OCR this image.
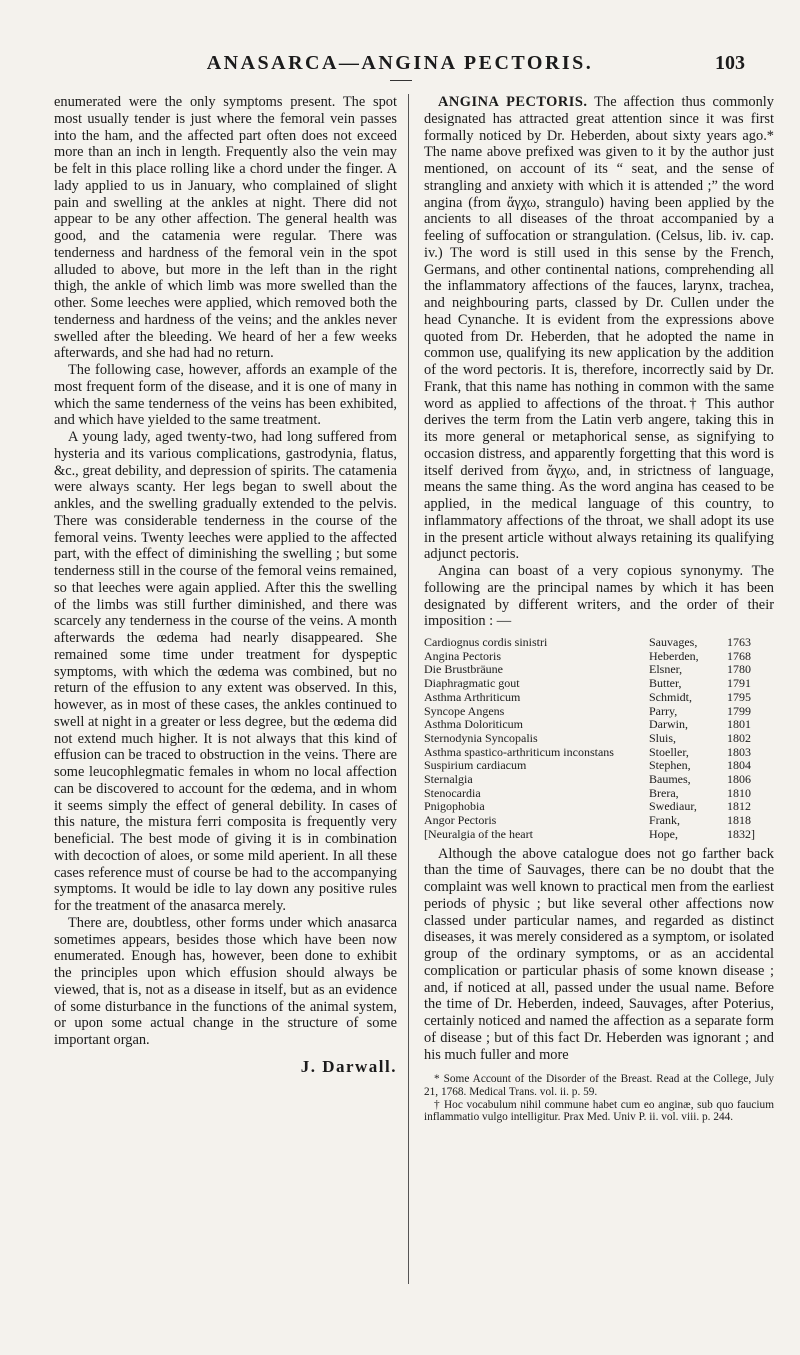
ANASARCA—ANGINA PECTORIS.	103

enumerated were the only symptoms present. The spot most usually tender is just where the femoral vein passes into the ham, and the affected part often does not exceed more than an inch in length. Frequently also the vein may be felt in this place rolling like a chord under the finger. A lady applied to us in January, who complained of slight pain and swelling at the ankles at night. There did not appear to be any other affection. The general health was good, and the catamenia were regular. There was tenderness and hardness of the femoral vein in the spot alluded to above, but more in the left than in the right thigh, the ankle of which limb was more swelled than the other. Some leeches were applied, which removed both the tenderness and hardness of the veins; and the ankles never swelled after the bleeding. We heard of her a few weeks afterwards, and she had had no return.

The following case, however, affords an example of the most frequent form of the disease, and it is one of many in which the same tenderness of the veins has been exhibited, and which have yielded to the same treatment.

A young lady, aged twenty-two, had long suffered from hysteria and its various complications, gastrodynia, flatus, &c., great debility, and depression of spirits. The catamenia were always scanty. Her legs began to swell about the ankles, and the swelling gradually extended to the pelvis. There was considerable tenderness in the course of the femoral veins. Twenty leeches were applied to the affected part, with the effect of diminishing the swelling ; but some tenderness still in the course of the femoral veins remained, so that leeches were again applied. After this the swelling of the limbs was still further diminished, and there was scarcely any tenderness in the course of the veins. A month afterwards the œdema had nearly disappeared. She remained some time under treatment for dyspeptic symptoms, with which the œdema was combined, but no return of the effusion to any extent was observed. In this, however, as in most of these cases, the ankles continued to swell at night in a greater or less degree, but the œdema did not extend much higher. It is not always that this kind of effusion can be traced to obstruction in the veins. There are some leucophlegmatic females in whom no local affection can be discovered to account for the œdema, and in whom it seems simply the effect of general debility. In cases of this nature, the mistura ferri composita is frequently very beneficial. The best mode of giving it is in combination with decoction of aloes, or some mild aperient. In all these cases reference must of course be had to the accompanying symptoms. It would be idle to lay down any positive rules for the treatment of the anasarca merely.

There are, doubtless, other forms under which anasarca sometimes appears, besides those which have been now enumerated. Enough has, however, been done to exhibit the principles upon which effusion should always be viewed, that is, not as a disease in itself, but as an evidence of some disturbance in the functions of the animal system, or upon some actual change in the structure of some important organ.

J. Darwall.

ANGINA PECTORIS. The affection thus commonly designated has attracted great attention since it was first formally noticed by Dr. Heberden, about sixty years ago.* The name above prefixed was given to it by the author just mentioned, on account of its “ seat, and the sense of strangling and anxiety with which it is attended ;” the word angina (from ἄγχω, strangulo) having been applied by the ancients to all diseases of the throat accompanied by a feeling of suffocation or strangulation. (Celsus, lib. iv. cap. iv.) The word is still used in this sense by the French, Germans, and other continental nations, comprehending all the inflammatory affections of the fauces, larynx, trachea, and neighbouring parts, classed by Dr. Cullen under the head Cynanche. It is evident from the expressions above quoted from Dr. Heberden, that he adopted the name in common use, qualifying its new application by the addition of the word pectoris. It is, therefore, incorrectly said by Dr. Frank, that this name has nothing in common with the same word as applied to affections of the throat.† This author derives the term from the Latin verb angere, taking this in its more general or metaphorical sense, as signifying to occasion distress, and apparently forgetting that this word is itself derived from ἄγχω, and, in strictness of language, means the same thing. As the word angina has ceased to be applied, in the medical language of this country, to inflammatory affections of the throat, we shall adopt its use in the present article without always retaining its qualifying adjunct pectoris.

Angina can boast of a very copious synonymy. The following are the principal names by which it has been designated by different writers, and the order of their imposition : —

Cardiognus cordis sinistri	Sauvages,	1763
Angina Pectoris	Heberden,	1768
Die Brustbräune	Elsner,	1780
Diaphragmatic gout	Butter,	1791
Asthma Arthriticum	Schmidt,	1795
Syncope Angens	Parry,	1799
Asthma Doloriticum	Darwin,	1801
Sternodynia Syncopalis	Sluis,	1802
Asthma spastico-arthriticum inconstans	Stoeller,	1803
Suspirium cardiacum	Stephen,	1804
Sternalgia	Baumes,	1806
Stenocardia	Brera,	1810
Pnigophobia	Swediaur,	1812
Angor Pectoris	Frank,	1818
[Neuralgia of the heart	Hope,	1832]

Although the above catalogue does not go farther back than the time of Sauvages, there can be no doubt that the complaint was well known to practical men from the earliest periods of physic ; but like several other affections now classed under particular names, and regarded as distinct diseases, it was merely considered as a symptom, or isolated group of the ordinary symptoms, or as an accidental complication or particular phasis of some known disease ; and, if noticed at all, passed under the usual name. Before the time of Dr. Heberden, indeed, Sauvages, after Poterius, certainly noticed and named the affection as a separate form of disease ; but of this fact Dr. Heberden was ignorant ; and his much fuller and more

* Some Account of the Disorder of the Breast. Read at the College, July 21, 1768. Medical Trans. vol. ii. p. 59.
† Hoc vocabulum nihil commune habet cum eo anginæ, sub quo faucium inflammatio vulgo intelligitur. Prax Med. Univ P. ii. vol. viii. p. 244.
